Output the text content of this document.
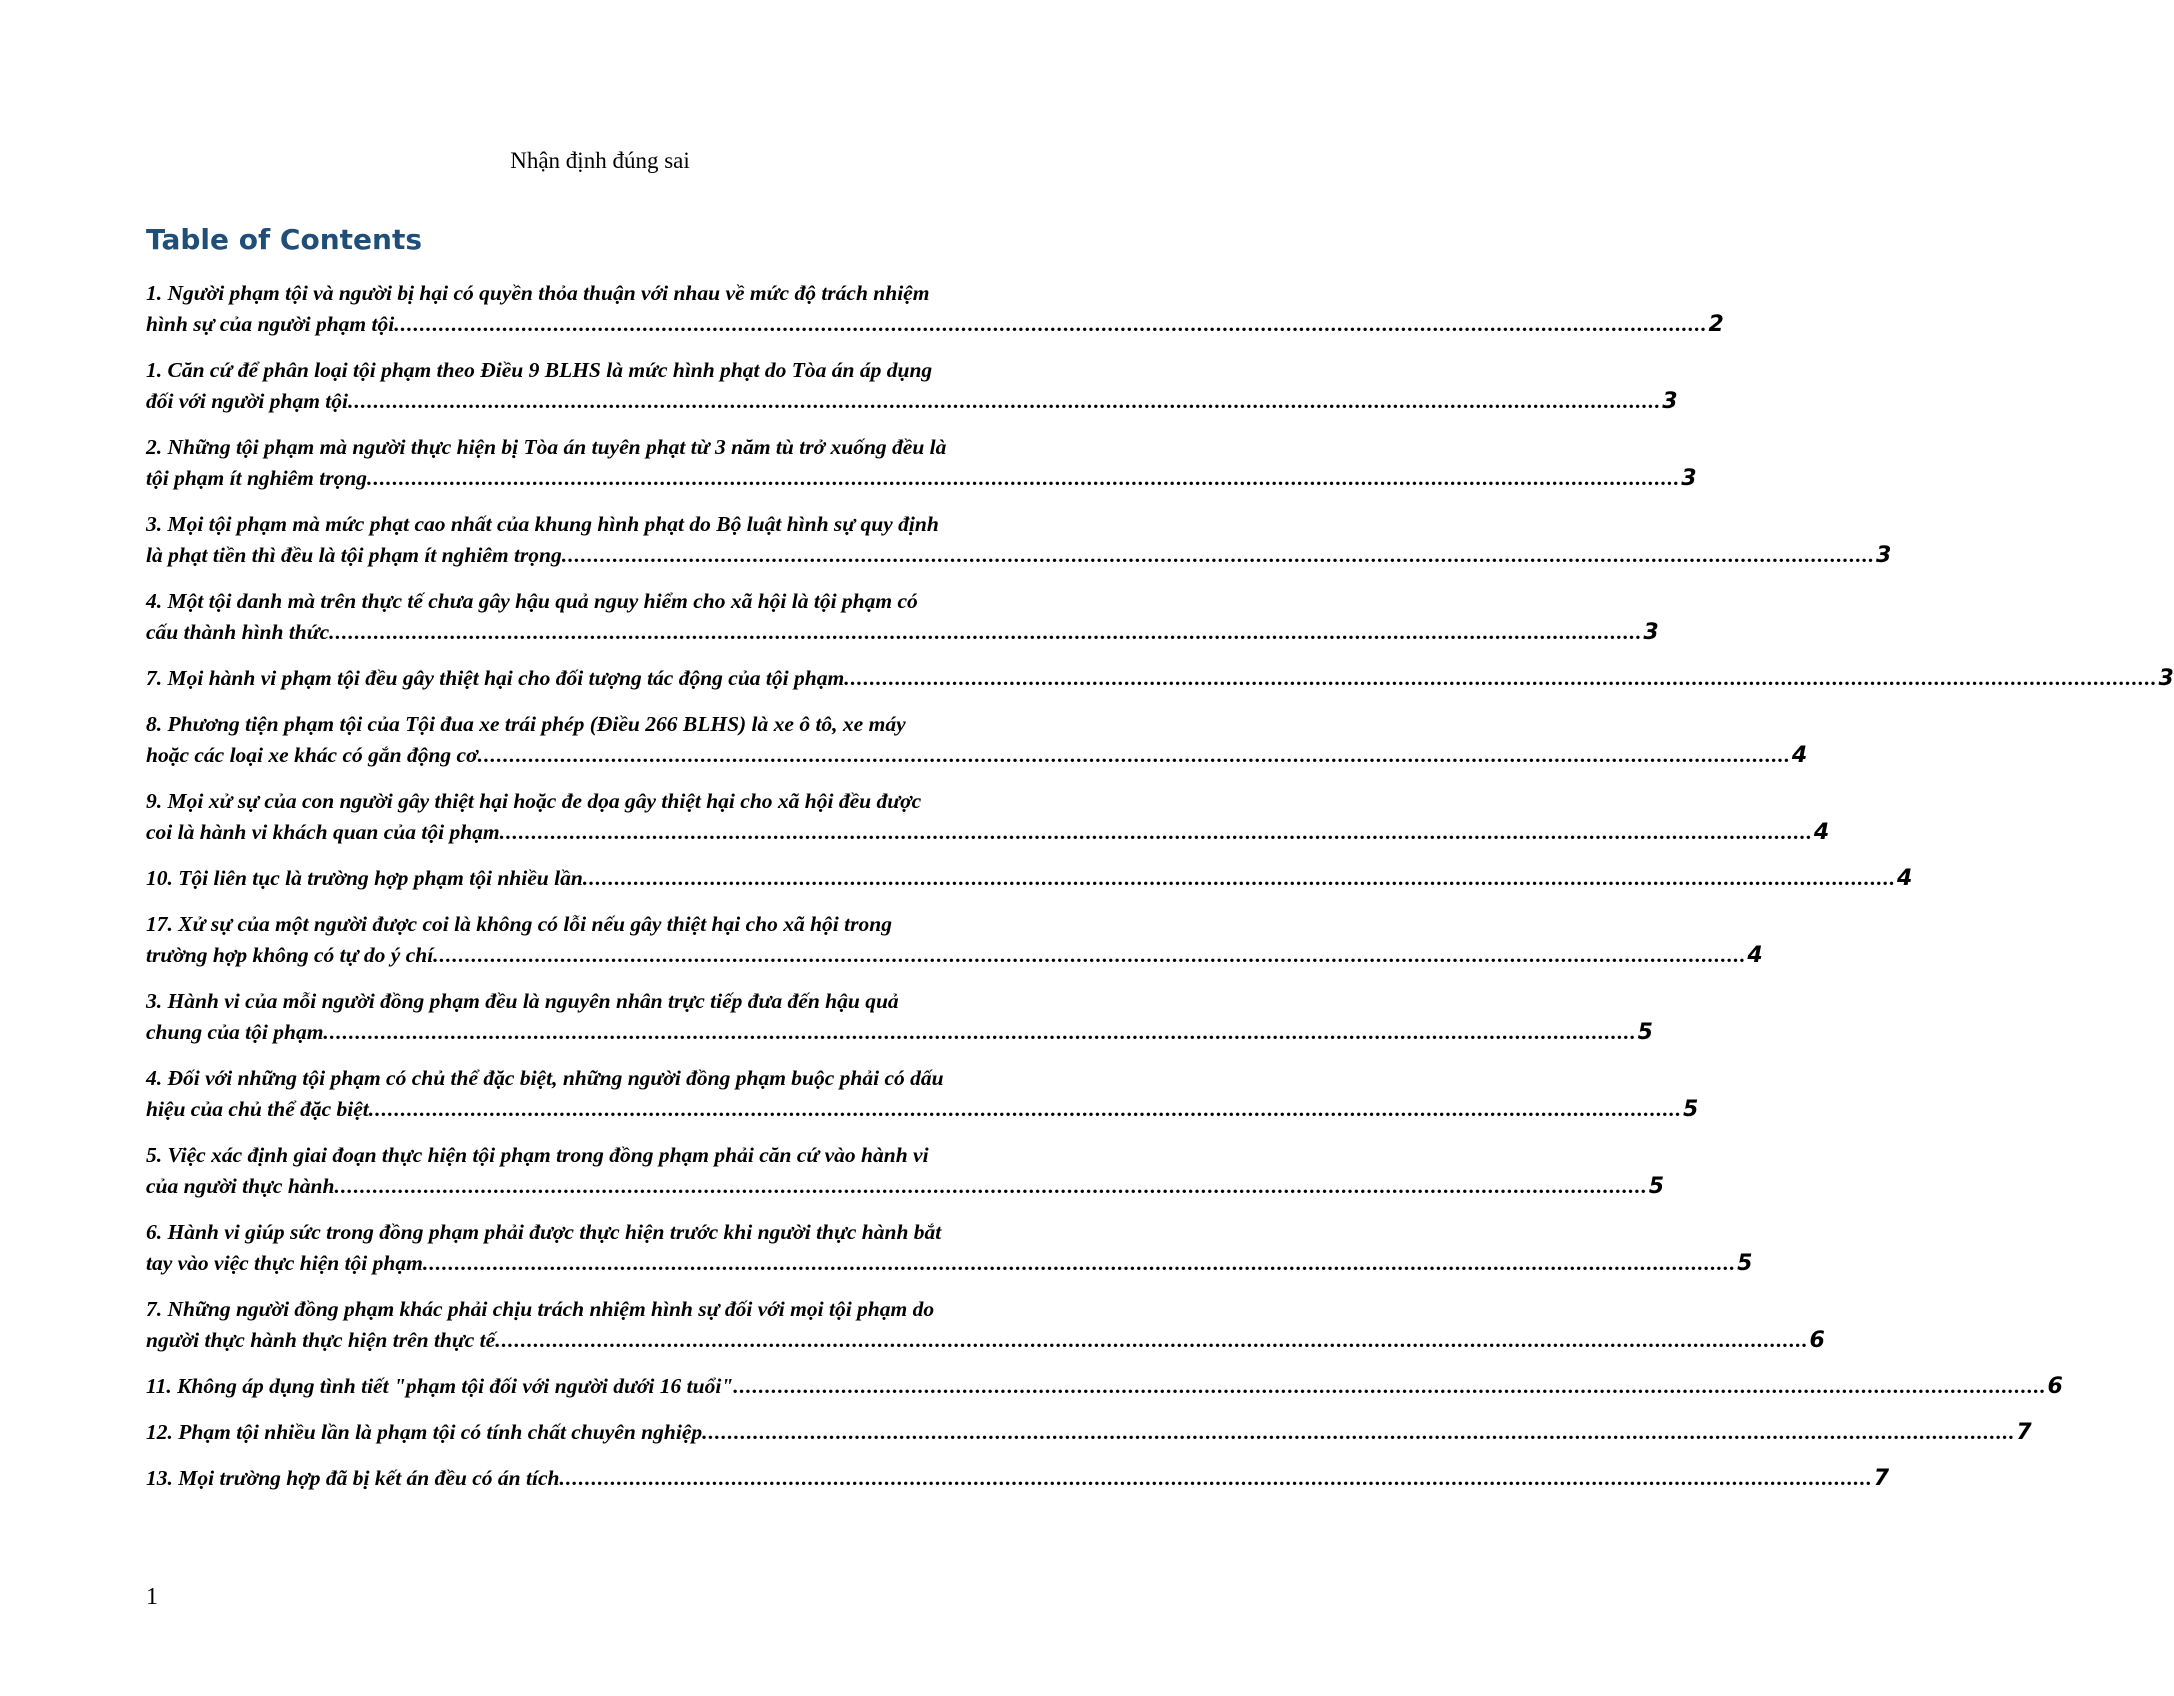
Nhận định đúng sai
Table of Contents
1. Người phạm tội và người bị hại có quyền thỏa thuận với nhau về mức độ trách nhiệm
hình sự của người phạm tội .....	2
1. Căn cứ để phân loại tội phạm theo Điều 9 BLHS là mức hình phạt do Tòa án áp dụng
đối với người phạm tội .....	3
2. Những tội phạm mà người thực hiện bị Tòa án tuyên phạt từ 3 năm tù trở xuống đều là
tội phạm ít nghiêm trọng .....	3
3. Mọi tội phạm mà mức phạt cao nhất của khung hình phạt do Bộ luật hình sự quy định
là phạt tiền thì đều là tội phạm ít nghiêm trọng .....	3
4. Một tội danh mà trên thực tế chưa gây hậu quả nguy hiểm cho xã hội là tội phạm có
cấu thành hình thức .....	3
7. Mọi hành vi phạm tội đều gây thiệt hại cho đối tượng tác động của tội phạm .....	3
8. Phương tiện phạm tội của Tội đua xe trái phép (Điều 266 BLHS) là xe ô tô, xe máy
hoặc các loại xe khác có gắn động cơ .....	4
9. Mọi xử sự của con người gây thiệt hại hoặc đe dọa gây thiệt hại cho xã hội đều được
coi là hành vi khách quan của tội phạm .....	4
10. Tội liên tục là trường hợp phạm tội nhiều lần .....	4
17. Xử sự của một người được coi là không có lỗi nếu gây thiệt hại cho xã hội trong
trường hợp không có tự do ý chí .....	4
3. Hành vi của mỗi người đồng phạm đều là nguyên nhân trực tiếp đưa đến hậu quả
chung của tội phạm .....	5
4. Đối với những tội phạm có chủ thể đặc biệt, những người đồng phạm buộc phải có dấu
hiệu của chủ thể đặc biệt .....	5
5. Việc xác định giai đoạn thực hiện tội phạm trong đồng phạm phải căn cứ vào hành vi
của người thực hành .....	5
6. Hành vi giúp sức trong đồng phạm phải được thực hiện trước khi người thực hành bắt
tay vào việc thực hiện tội phạm .....	5
7. Những người đồng phạm khác phải chịu trách nhiệm hình sự đối với mọi tội phạm do
người thực hành thực hiện trên thực tế .....	6
11. Không áp dụng tình tiết "phạm tội đối với người dưới 16 tuổi" .....	6
12. Phạm tội nhiều lần là phạm tội có tính chất chuyên nghiệp .....	7
13. Mọi trường hợp đã bị kết án đều có án tích .....	7
1
